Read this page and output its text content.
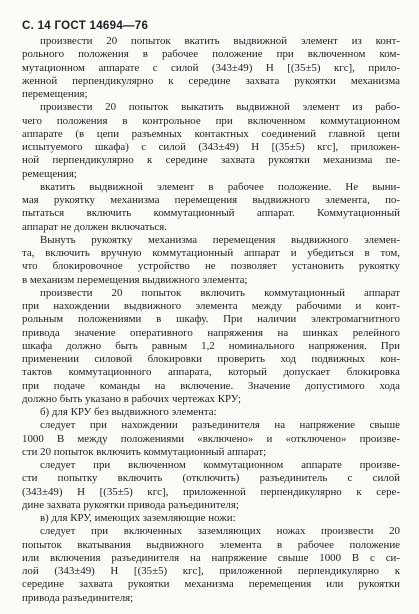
С. 14 ГОСТ 14694—76
произвести 20 попыток вкатить выдвижной элемент из конт-
рольного положения в рабочее положение при включенном ком-
мутационном аппарате с силой (343±49) Н [(35±5) кгс], прило-
женной перпендикулярно к середине захвата рукоятки механизма
перемещения;
произвести 20 попыток выкатить выдвижной элемент из рабо-
чего положения в контрольное при включенном коммутационном
аппарате (в цепи разъемных контактных соединений главной цепи
испытуемого шкафа) с силой (343±49) Н [(35±5) кгс], приложен-
ной перпендикулярно к середине захвата рукоятки механизма пе-
ремещения;
вкатить выдвижной элемент в рабочее положение. Не выни-
мая рукоятку механизма перемещения выдвижного элемента, по-
пытаться включить коммутационный аппарат. Коммутационный
аппарат не должен включаться.
Вынуть рукоятку механизма перемещения выдвижного элемен-
та, включить вручную коммутационный аппарат и убедиться в том,
что блокировочное устройство не позволяет установить рукоятку
в механизм перемещения выдвижного элемента;
произвести 20 попыток включить коммутационный аппарат
при нахождении выдвижного элемента между рабочими и конт-
рольным положениями в шкафу. При наличии электромагнитного
привода значение оперативного напряжения на шинках релейного
шкафа должно быть равным 1,2 номинального напряжения. При
применении силовой блокировки проверить ход подвижных кон-
тактов коммутационного аппарата, который допускает блокировка
при подаче команды на включение. Значение допустимого хода
должно быть указано в рабочих чертежах КРУ;
б) для КРУ без выдвижного элемента:
следует при нахождении разъединителя на напряжение свыше
1000 В между положениями «включено» и «отключено» произве-
сти 20 попыток включить коммутационный аппарат;
следует при включенном коммутационном аппарате произве-
сти попытку включить (отключить) разъединитель с силой
(343±49) Н [(35±5) кгс], приложенной перпендикулярно к сере-
дине захвата рукоятки привода разъединителя;
в) для КРУ, имеющих заземляющие ножи:
следует при включенных заземляющих ножах произвести 20
попыток вкатывания выдвижного элемента в рабочее положение
или включения разъединителя на напряжение свыше 1000 В с си-
лой (343±49) Н [(35±5) кгс], приложенной перпендикулярно к
середине захвата рукоятки механизма перемещения или рукоятки
привода разъединителя;
